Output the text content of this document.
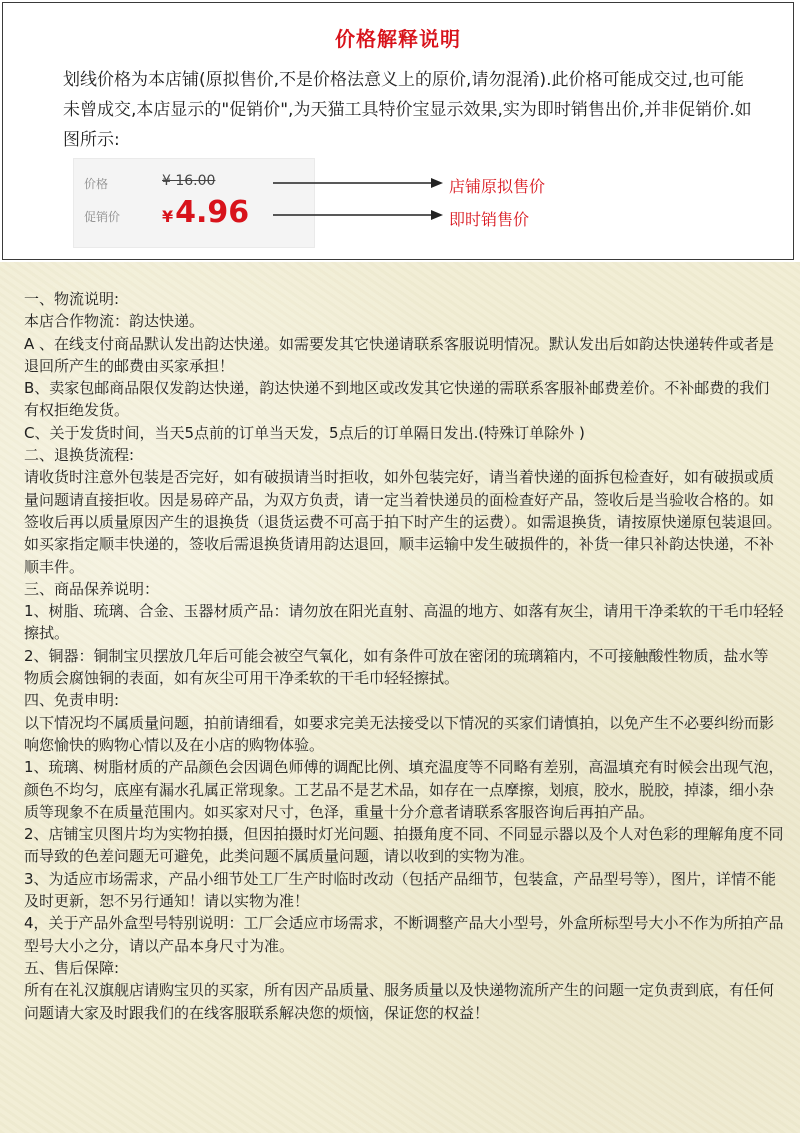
价格解释说明
划线价格为本店铺(原拟售价,不是价格法意义上的原价,请勿混淆).此价格可能成交过,也可能未曾成交,本店显示的"促销价",为天猫工具特价宝显示效果,实为即时销售出价,并非促销价.如图所示:
价格	¥ 16.00
促销价	¥4.96
店铺原拟售价
即时销售价

一、物流说明:

本店合作物流：韵达快递。

A 、在线支付商品默认发出韵达快递。如需要发其它快递请联系客服说明情况。默认发出后如韵达快递转件或者是退回所产生的邮费由买家承担！

B、卖家包邮商品限仅发韵达快递，韵达快递不到地区或改发其它快递的需联系客服补邮费差价。不补邮费的我们有权拒绝发货。

C、关于发货时间，当天5点前的订单当天发，5点后的订单隔日发出.(特殊订单除外 )

二、退换货流程:

请收货时注意外包装是否完好，如有破损请当时拒收，如外包装完好，请当着快递的面拆包检查好，如有破损或质量问题请直接拒收。因是易碎产品，为双方负责，请一定当着快递员的面检查好产品，签收后是当验收合格的。如签收后再以质量原因产生的退换货（退货运费不可高于拍下时产生的运费）。如需退换货，请按原快递原包装退回。如买家指定顺丰快递的，签收后需退换货请用韵达退回，顺丰运输中发生破损件的，补货一律只补韵达快递，不补顺丰件。

三、商品保养说明：

1、树脂、琉璃、合金、玉器材质产品：请勿放在阳光直射、高温的地方、如落有灰尘，请用干净柔软的干毛巾轻轻擦拭。

2、铜器：铜制宝贝摆放几年后可能会被空气氧化，如有条件可放在密闭的琉璃箱内，不可接触酸性物质，盐水等 物质会腐蚀铜的表面，如有灰尘可用干净柔软的干毛巾轻轻擦拭。

四、免责申明:

以下情况均不属质量问题，拍前请细看，如要求完美无法接受以下情况的买家们请慎拍，以免产生不必要纠纷而影响您愉快的购物心情以及在小店的购物体验。

1、琉璃、树脂材质的产品颜色会因调色师傅的调配比例、填充温度等不同略有差别，高温填充有时候会出现气泡，颜色不均匀，底座有漏水孔属正常现象。工艺品不是艺术品，如存在一点摩擦，划痕，胶水，脱胶，掉漆，细小杂质等现象不在质量范围内。如买家对尺寸，色泽，重量十分介意者请联系客服咨询后再拍产品。

2、店铺宝贝图片均为实物拍摄，但因拍摄时灯光问题、拍摄角度不同、不同显示器以及个人对色彩的理解角度不同而导致的色差问题无可避免，此类问题不属质量问题，请以收到的实物为准。

3、为适应市场需求，产品小细节处工厂生产时临时改动（包括产品细节，包装盒，产品型号等），图片，详情不能及时更新，恕不另行通知！请以实物为准！

4，关于产品外盒型号特别说明：工厂会适应市场需求，不断调整产品大小型号，外盒所标型号大小不作为所拍产品型号大小之分，请以产品本身尺寸为准。

五、售后保障:

所有在礼汉旗舰店请购宝贝的买家，所有因产品质量、服务质量以及快递物流所产生的问题一定负责到底，有任何问题请大家及时跟我们的在线客服联系解决您的烦恼，保证您的权益！
